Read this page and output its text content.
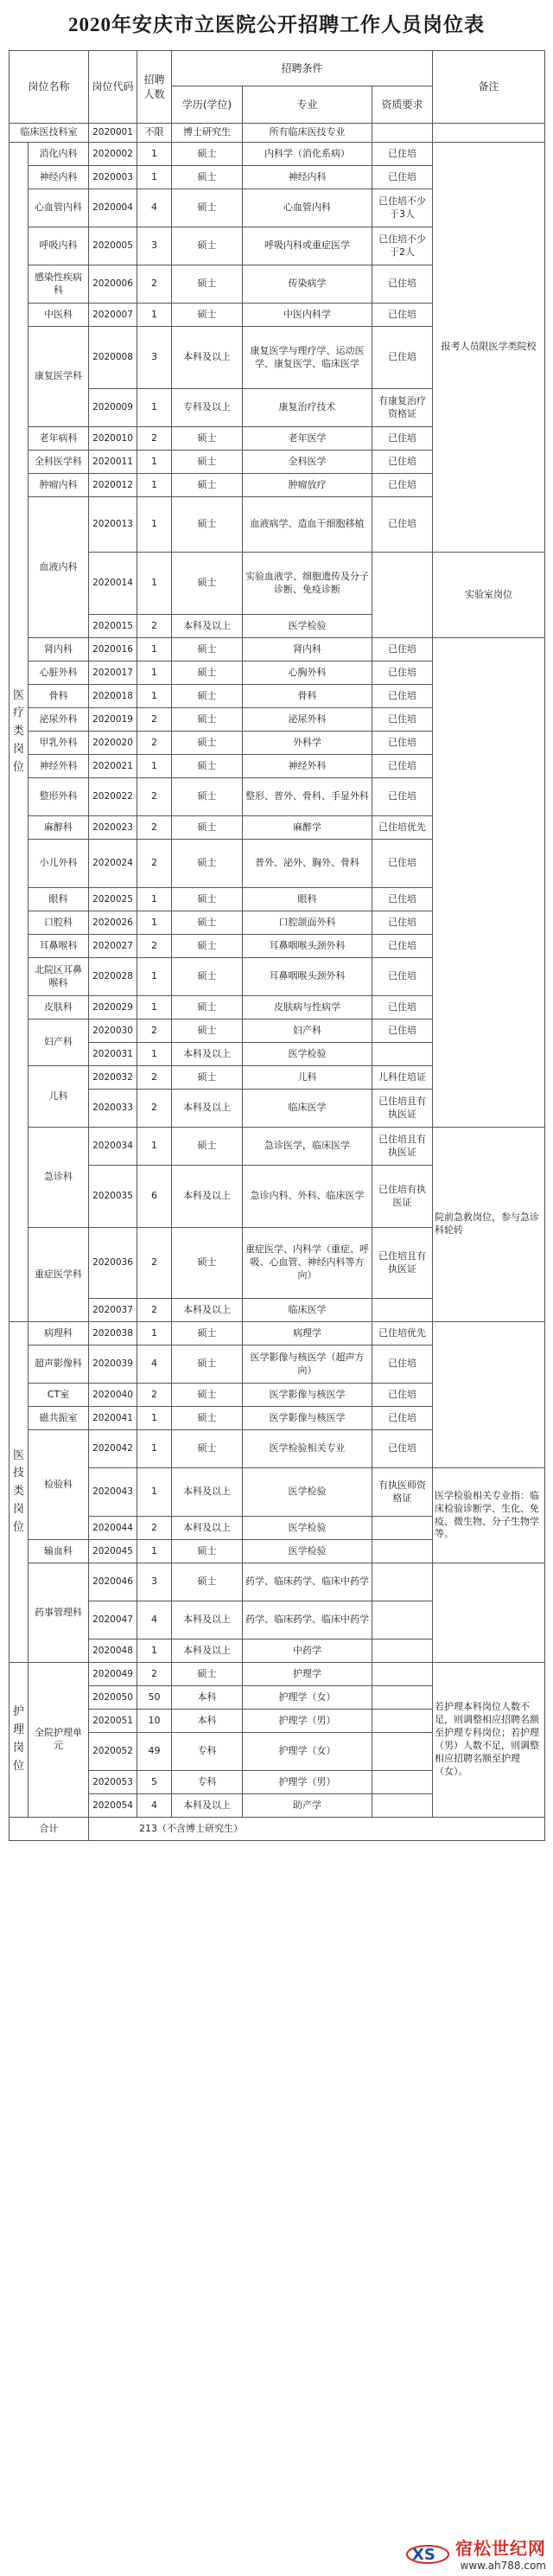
2020年安庆市立医院公开招聘工作人员岗位表
岗位名称		岗位代码	招聘人数	招聘条件			备注
				学历(学位)	专业	资质要求	
临床医技科室		2020001	不限	博士研究生	所有临床医技专业		
医疗类岗位	消化内科	2020002	1	硕士	内科学（消化系病）	已住培	报考人员限医学类院校
	神经内科	2020003	1	硕士	神经内科	已住培	
	心血管内科	2020004	4	硕士	心血管内科	已住培不少于3人	
	呼吸内科	2020005	3	硕士	呼吸内科或重症医学	已住培不少于2人	
	感染性疾病科	2020006	2	硕士	传染病学	已住培	
	中医科	2020007	1	硕士	中医内科学	已住培	
	康复医学科	2020008	3	本科及以上	康复医学与理疗学、运动医学、康复医学、临床医学	已住培	
		2020009	1	专科及以上	康复治疗技术	有康复治疗资格证	
	老年病科	2020010	2	硕士	老年医学	已住培	
	全科医学科	2020011	1	硕士	全科医学	已住培	
	肿瘤内科	2020012	1	硕士	肿瘤放疗	已住培	
	血液内科	2020013	1	硕士	血液病学、造血干细胞移植	已住培	
		2020014	1	硕士	实验血液学、细胞遗传及分子诊断、免疫诊断		实验室岗位
		2020015	2	本科及以上	医学检验		
	肾内科	2020016	1	硕士	肾内科	已住培	
	心脏外科	2020017	1	硕士	心胸外科	已住培	
	骨科	2020018	1	硕士	骨科	已住培	
	泌尿外科	2020019	2	硕士	泌尿外科	已住培	
	甲乳外科	2020020	2	硕士	外科学	已住培	
	神经外科	2020021	1	硕士	神经外科	已住培	
	整形外科	2020022	2	硕士	整形、普外、骨科、手显外科	已住培	
	麻醉科	2020023	2	硕士	麻醉学	已住培优先	
	小儿外科	2020024	2	硕士	普外、泌外、胸外、骨科	已住培	
	眼科	2020025	1	硕士	眼科	已住培	
	口腔科	2020026	1	硕士	口腔颌面外科	已住培	
	耳鼻喉科	2020027	2	硕士	耳鼻咽喉头颈外科	已住培	
	北院区耳鼻喉科	2020028	1	硕士	耳鼻咽喉头颈外科	已住培	
	皮肤科	2020029	1	硕士	皮肤病与性病学	已住培	
	妇产科	2020030	2	硕士	妇产科	已住培	
		2020031	1	本科及以上	医学检验		
	儿科	2020032	2	硕士	儿科	儿科住培证	
		2020033	2	本科及以上	临床医学	已住培且有执医证	
	急诊科	2020034	1	硕士	急诊医学，临床医学	已住培且有执医证	院前急救岗位，参与急诊科轮转
		2020035	6	本科及以上	急诊内科、外科、临床医学	已住培有执医证	
	重症医学科	2020036	2	硕士	重症医学、内科学（重症、呼吸、心血管、神经内科等方向）	已住培且有执医证	
		2020037	2	本科及以上	临床医学		
医技类岗位	病理科	2020038	1	硕士	病理学	已住培优先	
	超声影像科	2020039	4	硕士	医学影像与核医学（超声方向）	已住培	
	CT室	2020040	2	硕士	医学影像与核医学	已住培	
	磁共振室	2020041	1	硕士	医学影像与核医学	已住培	
	检验科	2020042	1	硕士	医学检验相关专业	已住培	
		2020043	1	本科及以上	医学检验	有执医师资格证	医学检验相关专业指：临床检验诊断学、生化、免疫、微生物、分子生物学等。
		2020044	2	本科及以上	医学检验		
	输血科	2020045	1	硕士	医学检验		
	药事管理科	2020046	3	硕士	药学、临床药学、临床中药学		
		2020047	4	本科及以上	药学、临床药学、临床中药学		
		2020048	1	本科及以上	中药学		
护理岗位	全院护理单元	2020049	2	硕士	护理学		若护理本科岗位人数不足，则调整相应招聘名额至护理专科岗位；若护理（男）人数不足，则调整相应招聘名额至护理（女）。
		2020050	50	本科	护理学（女）		
		2020051	10	本科	护理学（男）		
		2020052	49	专科	护理学（女）		
		2020053	5	专科	护理学（男）		
		2020054	4	本科及以上	助产学		
合计		213（不含博士研究生）					
XS 宿松世纪网
www.ah788.com
